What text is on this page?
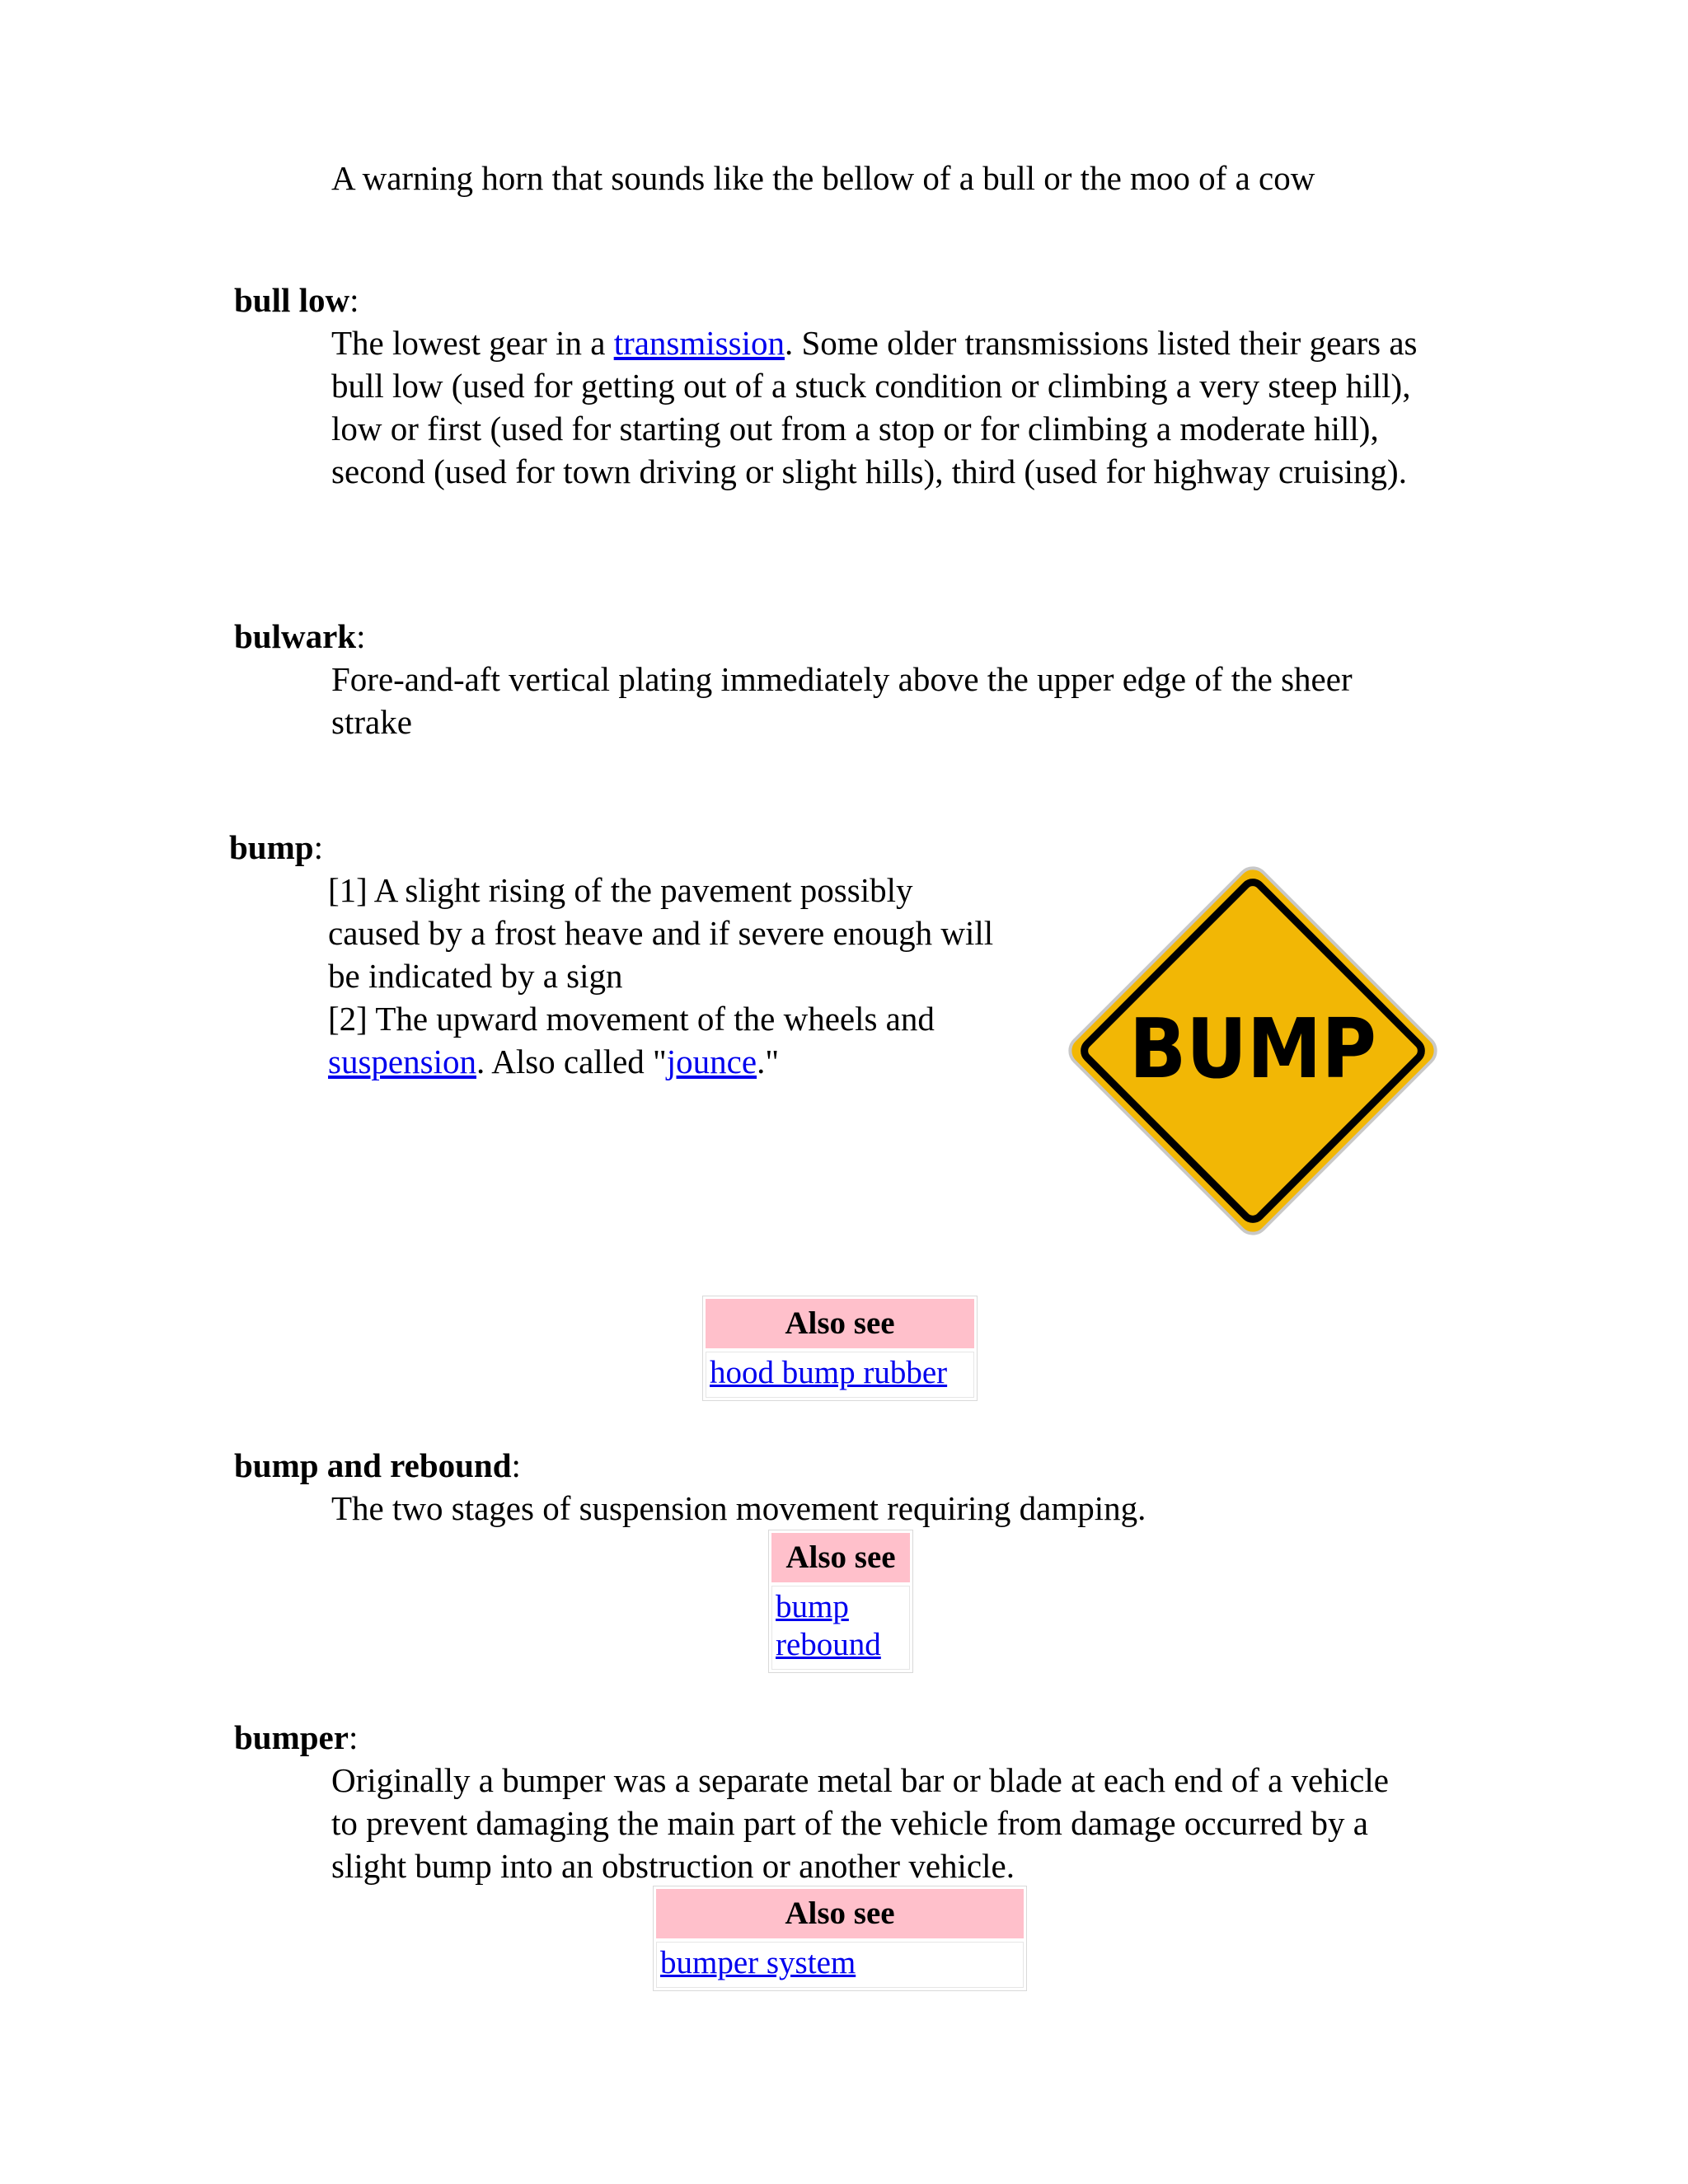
A warning horn that sounds like the bellow of a bull or the moo of a cow

bull low:

The lowest gear in a transmission. Some older transmissions listed their gears as bull low (used for getting out of a stuck condition or climbing a very steep hill), low or first (used for starting out from a stop or for climbing a moderate hill), second (used for town driving or slight hills), third (used for highway cruising).

bulwark:

Fore-and-aft vertical plating immediately above the upper edge of the sheer strake

bump:

[1] A slight rising of the pavement possibly caused by a frost heave and if severe enough will be indicated by a sign
[2] The upward movement of the wheels and suspension. Also called "jounce."	BUMP
Also see
hood bump rubber

bump and rebound:

The two stages of suspension movement requiring damping.

Also see
bump
rebound

bumper:

Originally a bumper was a separate metal bar or blade at each end of a vehicle to prevent damaging the main part of the vehicle from damage occurred by a slight bump into an obstruction or another vehicle.

Also see
bumper system
